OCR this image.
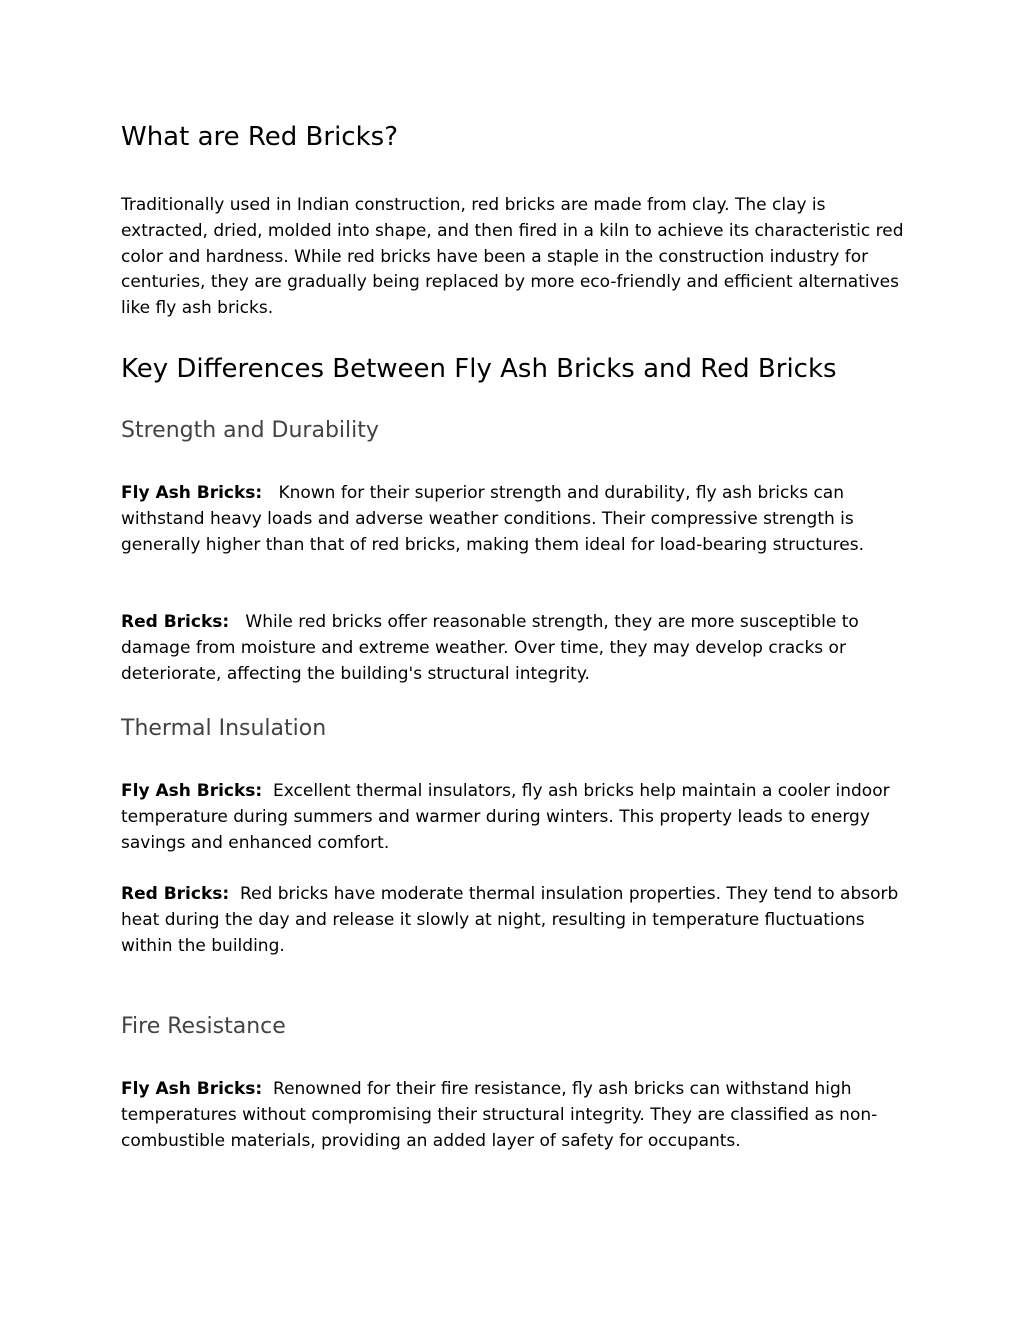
What are Red Bricks?

Traditionally used in Indian construction, red bricks are made from clay. The clay is extracted, dried, molded into shape, and then fired in a kiln to achieve its characteristic red color and hardness. While red bricks have been a staple in the construction industry for centuries, they are gradually being replaced by more eco-friendly and efficient alternatives like fly ash bricks.

Key Differences Between Fly Ash Bricks and Red Bricks
Strength and Durability

Fly Ash Bricks: Known for their superior strength and durability, fly ash bricks can withstand heavy loads and adverse weather conditions. Their compressive strength is generally higher than that of red bricks, making them ideal for load-bearing structures.

Red Bricks: While red bricks offer reasonable strength, they are more susceptible to damage from moisture and extreme weather. Over time, they may develop cracks or deteriorate, affecting the building's structural integrity.

Thermal Insulation

Fly Ash Bricks: Excellent thermal insulators, fly ash bricks help maintain a cooler indoor temperature during summers and warmer during winters. This property leads to energy savings and enhanced comfort.

Red Bricks: Red bricks have moderate thermal insulation properties. They tend to absorb heat during the day and release it slowly at night, resulting in temperature fluctuations within the building.

Fire Resistance

Fly Ash Bricks: Renowned for their fire resistance, fly ash bricks can withstand high temperatures without compromising their structural integrity. They are classified as non-combustible materials, providing an added layer of safety for occupants.
